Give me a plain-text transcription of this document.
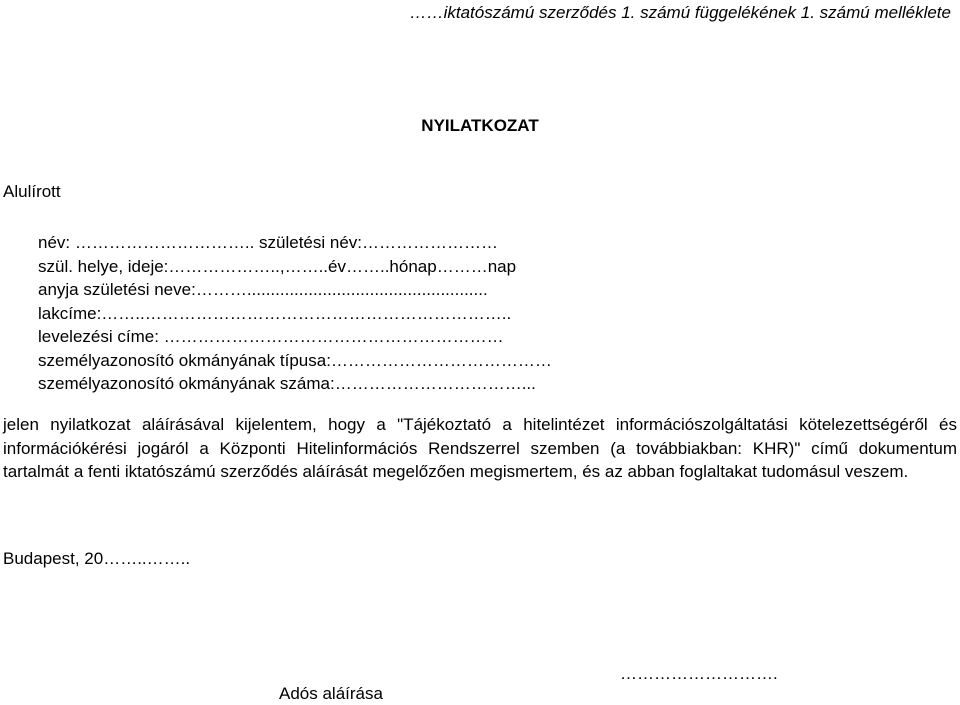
……iktatószámú szerződés 1. számú függelékének 1. számú melléklete

NYILATKOZAT

Alulírott

név: ………………………….. születési név:……………………
szül. helye, ideje:………………..,……..év……..hónap………nap
anyja születési neve:………...................................................
lakcíme:……..………………………………………………………..
levelezési címe: ……………………………………………………
személyazonosító okmányának típusa:…………………………………
személyazonosító okmányának száma:……………………………...

jelen nyilatkozat aláírásával kijelentem, hogy a "Tájékoztató a hitelintézet információszolgáltatási kötelezettségéről és információkérési jogáról a Központi Hitelinformációs Rendszerrel szemben (a továbbiakban: KHR)" című dokumentum tartalmát a fenti iktatószámú szerződés aláírását megelőzően megismertem, és az abban foglaltakat tudomásul veszem.

Budapest, 20……..……..

……………………….

Adós aláírása
